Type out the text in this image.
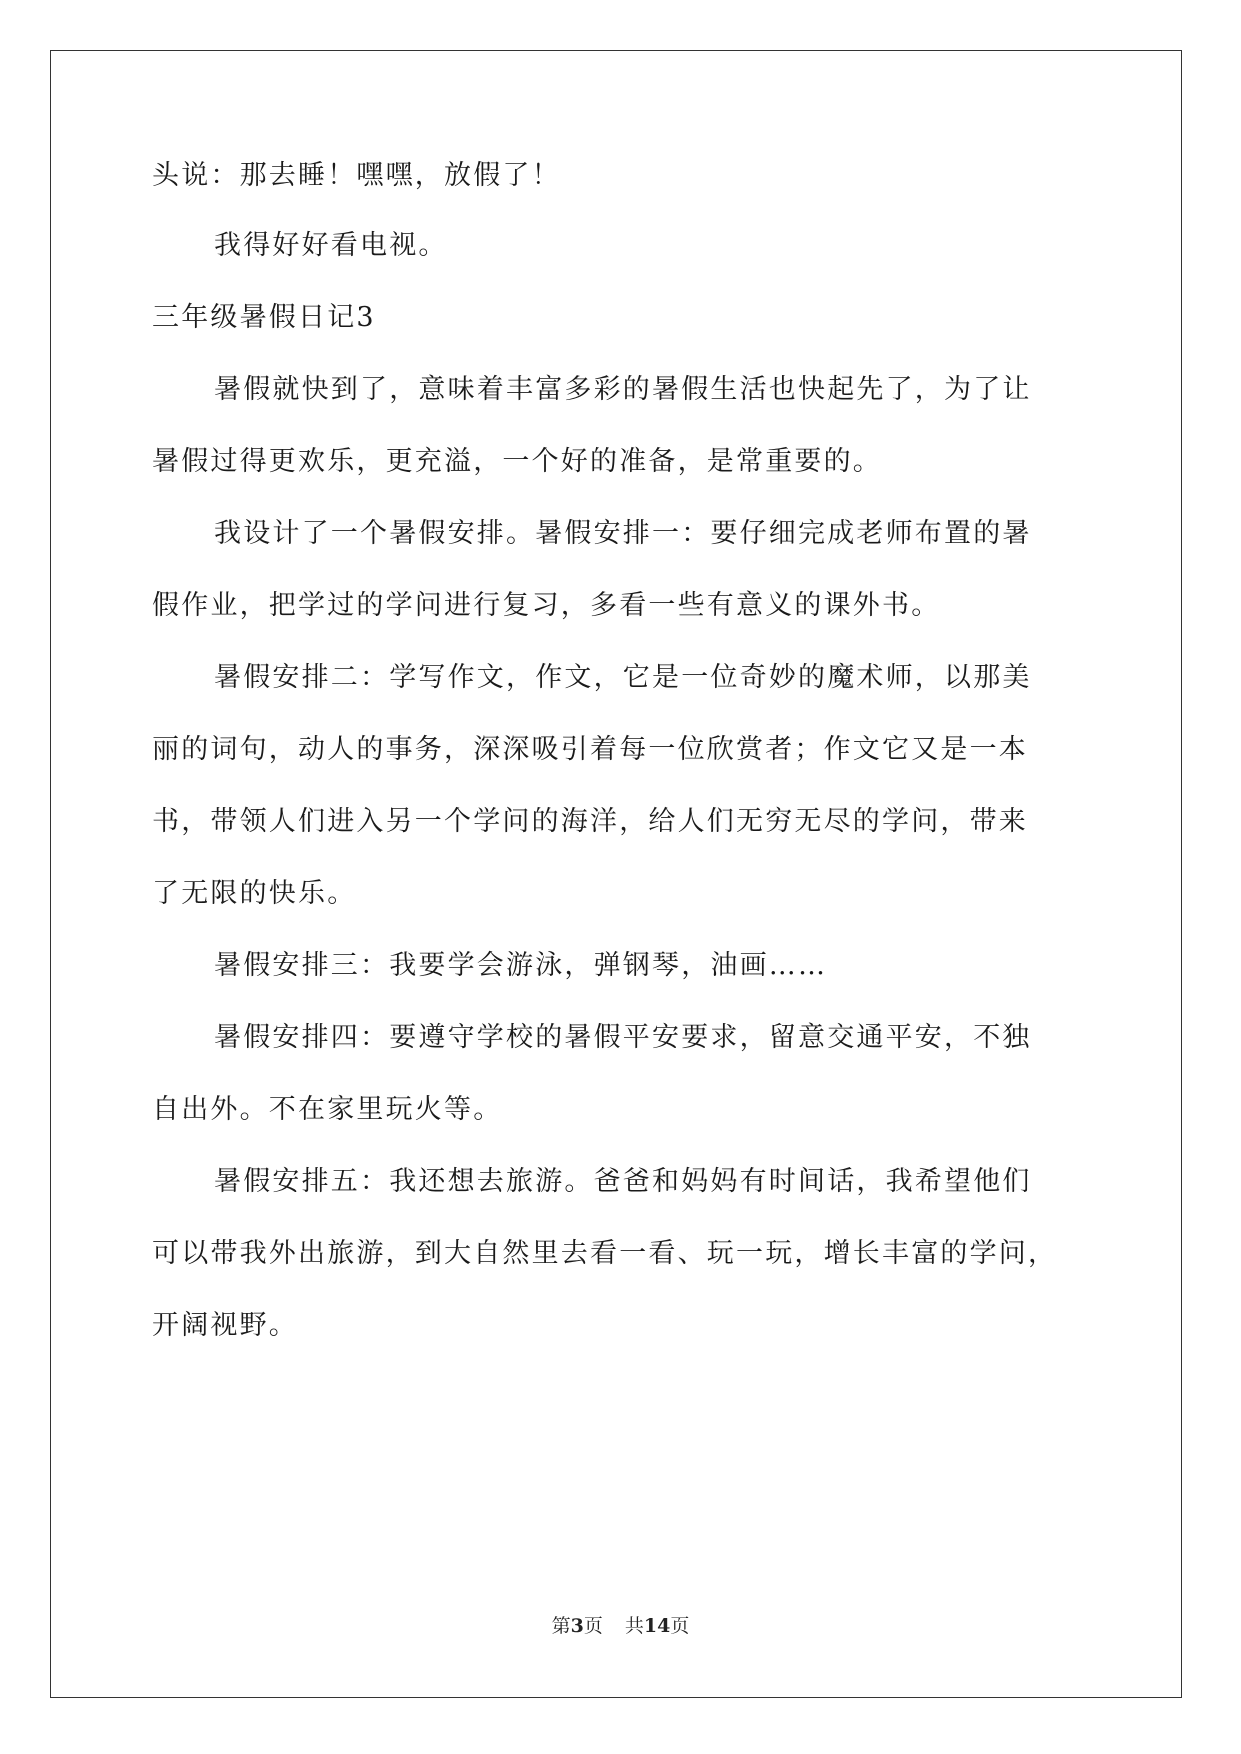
头说：那去睡！嘿嘿，放假了！
我得好好看电视。
三年级暑假日记3
暑假就快到了，意味着丰富多彩的暑假生活也快起先了，为了让
暑假过得更欢乐，更充溢，一个好的准备，是常重要的。
我设计了一个暑假安排。暑假安排一：要仔细完成老师布置的暑
假作业，把学过的学问进行复习，多看一些有意义的课外书。
暑假安排二：学写作文，作文，它是一位奇妙的魔术师，以那美
丽的词句，动人的事务，深深吸引着每一位欣赏者；作文它又是一本
书，带领人们进入另一个学问的海洋，给人们无穷无尽的学问，带来
了无限的快乐。
暑假安排三：我要学会游泳，弹钢琴，油画……
暑假安排四：要遵守学校的暑假平安要求，留意交通平安，不独
自出外。不在家里玩火等。
暑假安排五：我还想去旅游。爸爸和妈妈有时间话，我希望他们
可以带我外出旅游，到大自然里去看一看、玩一玩，增长丰富的学问，
开阔视野。
第3页 共14页
